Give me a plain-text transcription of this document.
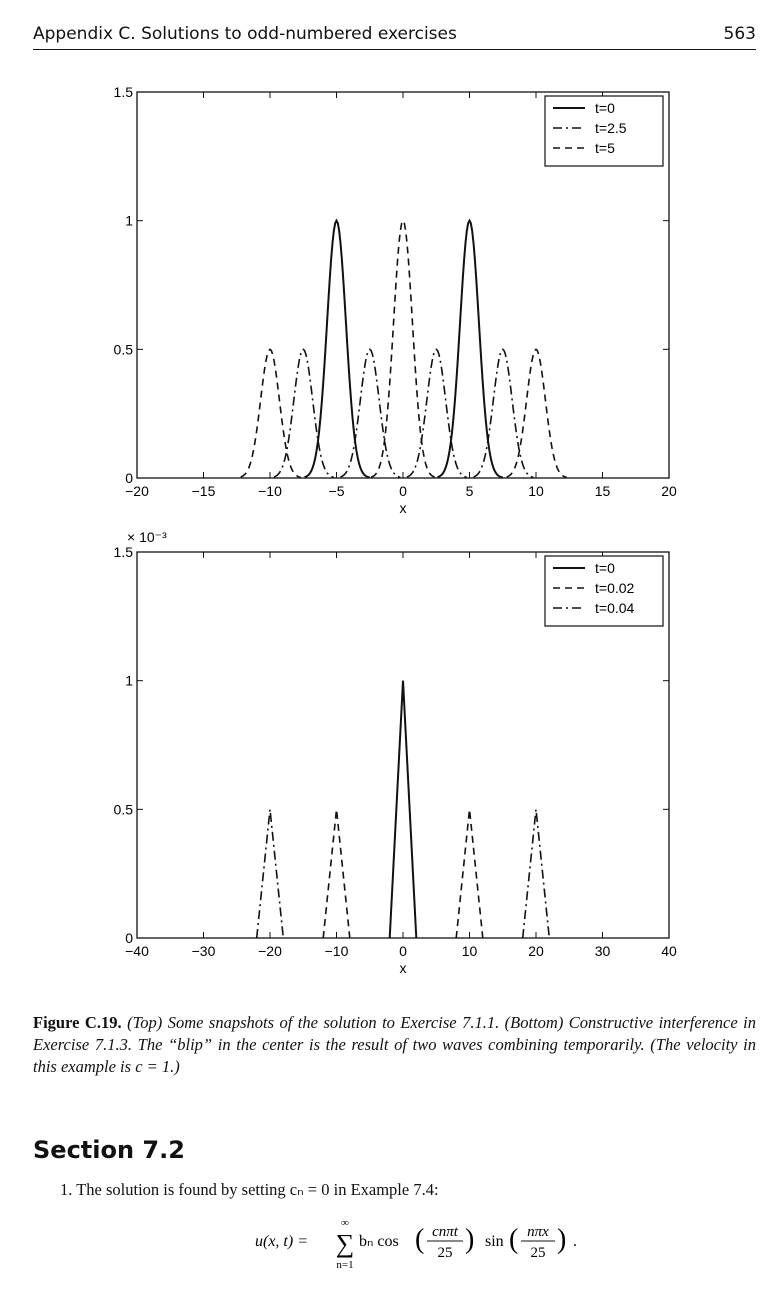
Appendix C. Solutions to odd-numbered exercises	563
−20	−15	−10	−5	0	5	10	15	20
0
0.5
1
1.5
x
t=0
t=2.5
t=5
−40	−30	−20	−10	0	10	20	30	40
0
0.5
1
1.5
x
× 10⁻³
t=0
t=0.02
t=0.04
Figure C.19. (Top) Some snapshots of the solution to Exercise 7.1.1. (Bottom) Constructive interference in Exercise 7.1.3. The “blip” in the center is the result of two waves combining temporarily. (The velocity in this example is c = 1.)
Section 7.2
1. The solution is found by setting cₙ = 0 in Example 7.4:
u(x, t) =
∞
∑
n=1
bₙ cos ( cnπt
25 ) sin ( nπx
25 ) .
